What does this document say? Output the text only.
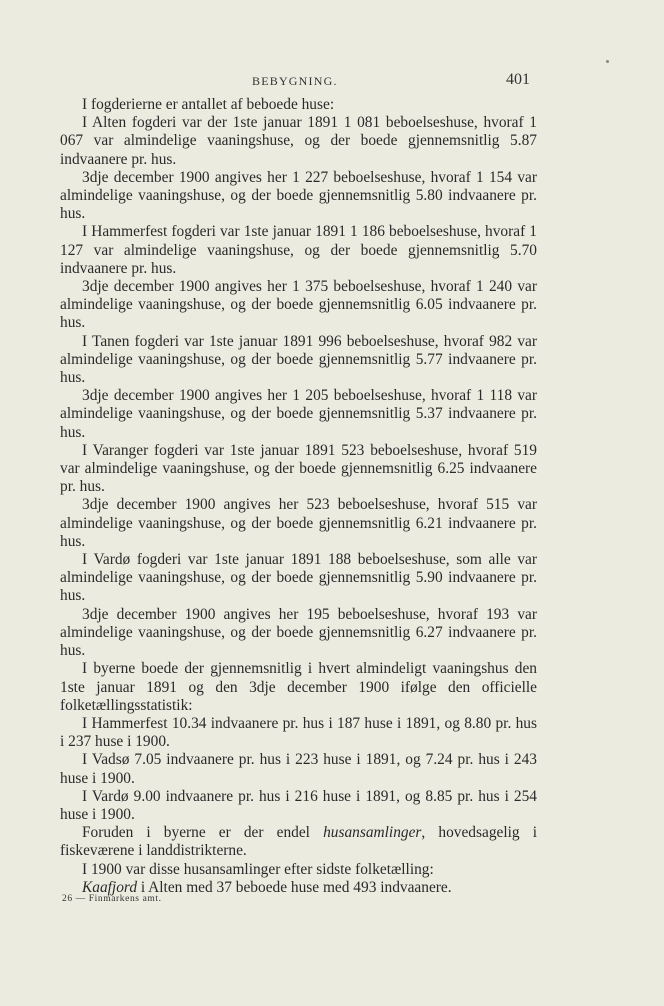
BEBYGNING.	401

I fogderierne er antallet af beboede huse:

I Alten fogderi var der 1ste januar 1891 1 081 beboelseshuse, hvoraf 1 067 var almindelige vaaningshuse, og der boede gjennemsnitlig 5.87 indvaanere pr. hus.

3dje december 1900 angives her 1 227 beboelseshuse, hvoraf 1 154 var almindelige vaaningshuse, og der boede gjennemsnitlig 5.80 indvaanere pr. hus.

I Hammerfest fogderi var 1ste januar 1891 1 186 beboelseshuse, hvoraf 1 127 var almindelige vaaningshuse, og der boede gjennemsnitlig 5.70 indvaanere pr. hus.

3dje december 1900 angives her 1 375 beboelseshuse, hvoraf 1 240 var almindelige vaaningshuse, og der boede gjennemsnitlig 6.05 indvaanere pr. hus.

I Tanen fogderi var 1ste januar 1891 996 beboelseshuse, hvoraf 982 var almindelige vaaningshuse, og der boede gjennemsnitlig 5.77 indvaanere pr. hus.

3dje december 1900 angives her 1 205 beboelseshuse, hvoraf 1 118 var almindelige vaaningshuse, og der boede gjennemsnitlig 5.37 indvaanere pr. hus.

I Varanger fogderi var 1ste januar 1891 523 beboelseshuse, hvoraf 519 var almindelige vaaningshuse, og der boede gjennemsnitlig 6.25 indvaanere pr. hus.

3dje december 1900 angives her 523 beboelseshuse, hvoraf 515 var almindelige vaaningshuse, og der boede gjennemsnitlig 6.21 indvaanere pr. hus.

I Vardø fogderi var 1ste januar 1891 188 beboelseshuse, som alle var almindelige vaaningshuse, og der boede gjennemsnitlig 5.90 indvaanere pr. hus.

3dje december 1900 angives her 195 beboelseshuse, hvoraf 193 var almindelige vaaningshuse, og der boede gjennemsnitlig 6.27 indvaanere pr. hus.

I byerne boede der gjennemsnitlig i hvert almindeligt vaaningshus den 1ste januar 1891 og den 3dje december 1900 ifølge den officielle folketællingsstatistik:

I Hammerfest 10.34 indvaanere pr. hus i 187 huse i 1891, og 8.80 pr. hus i 237 huse i 1900.

I Vadsø 7.05 indvaanere pr. hus i 223 huse i 1891, og 7.24 pr. hus i 243 huse i 1900.

I Vardø 9.00 indvaanere pr. hus i 216 huse i 1891, og 8.85 pr. hus i 254 huse i 1900.

Foruden i byerne er der endel husansamlinger, hovedsagelig i fiskeværene i landdistrikterne.

I 1900 var disse husansamlinger efter sidste folketælling:

Kaafjord i Alten med 37 beboede huse med 493 indvaanere.

26 — Finmarkens amt.
